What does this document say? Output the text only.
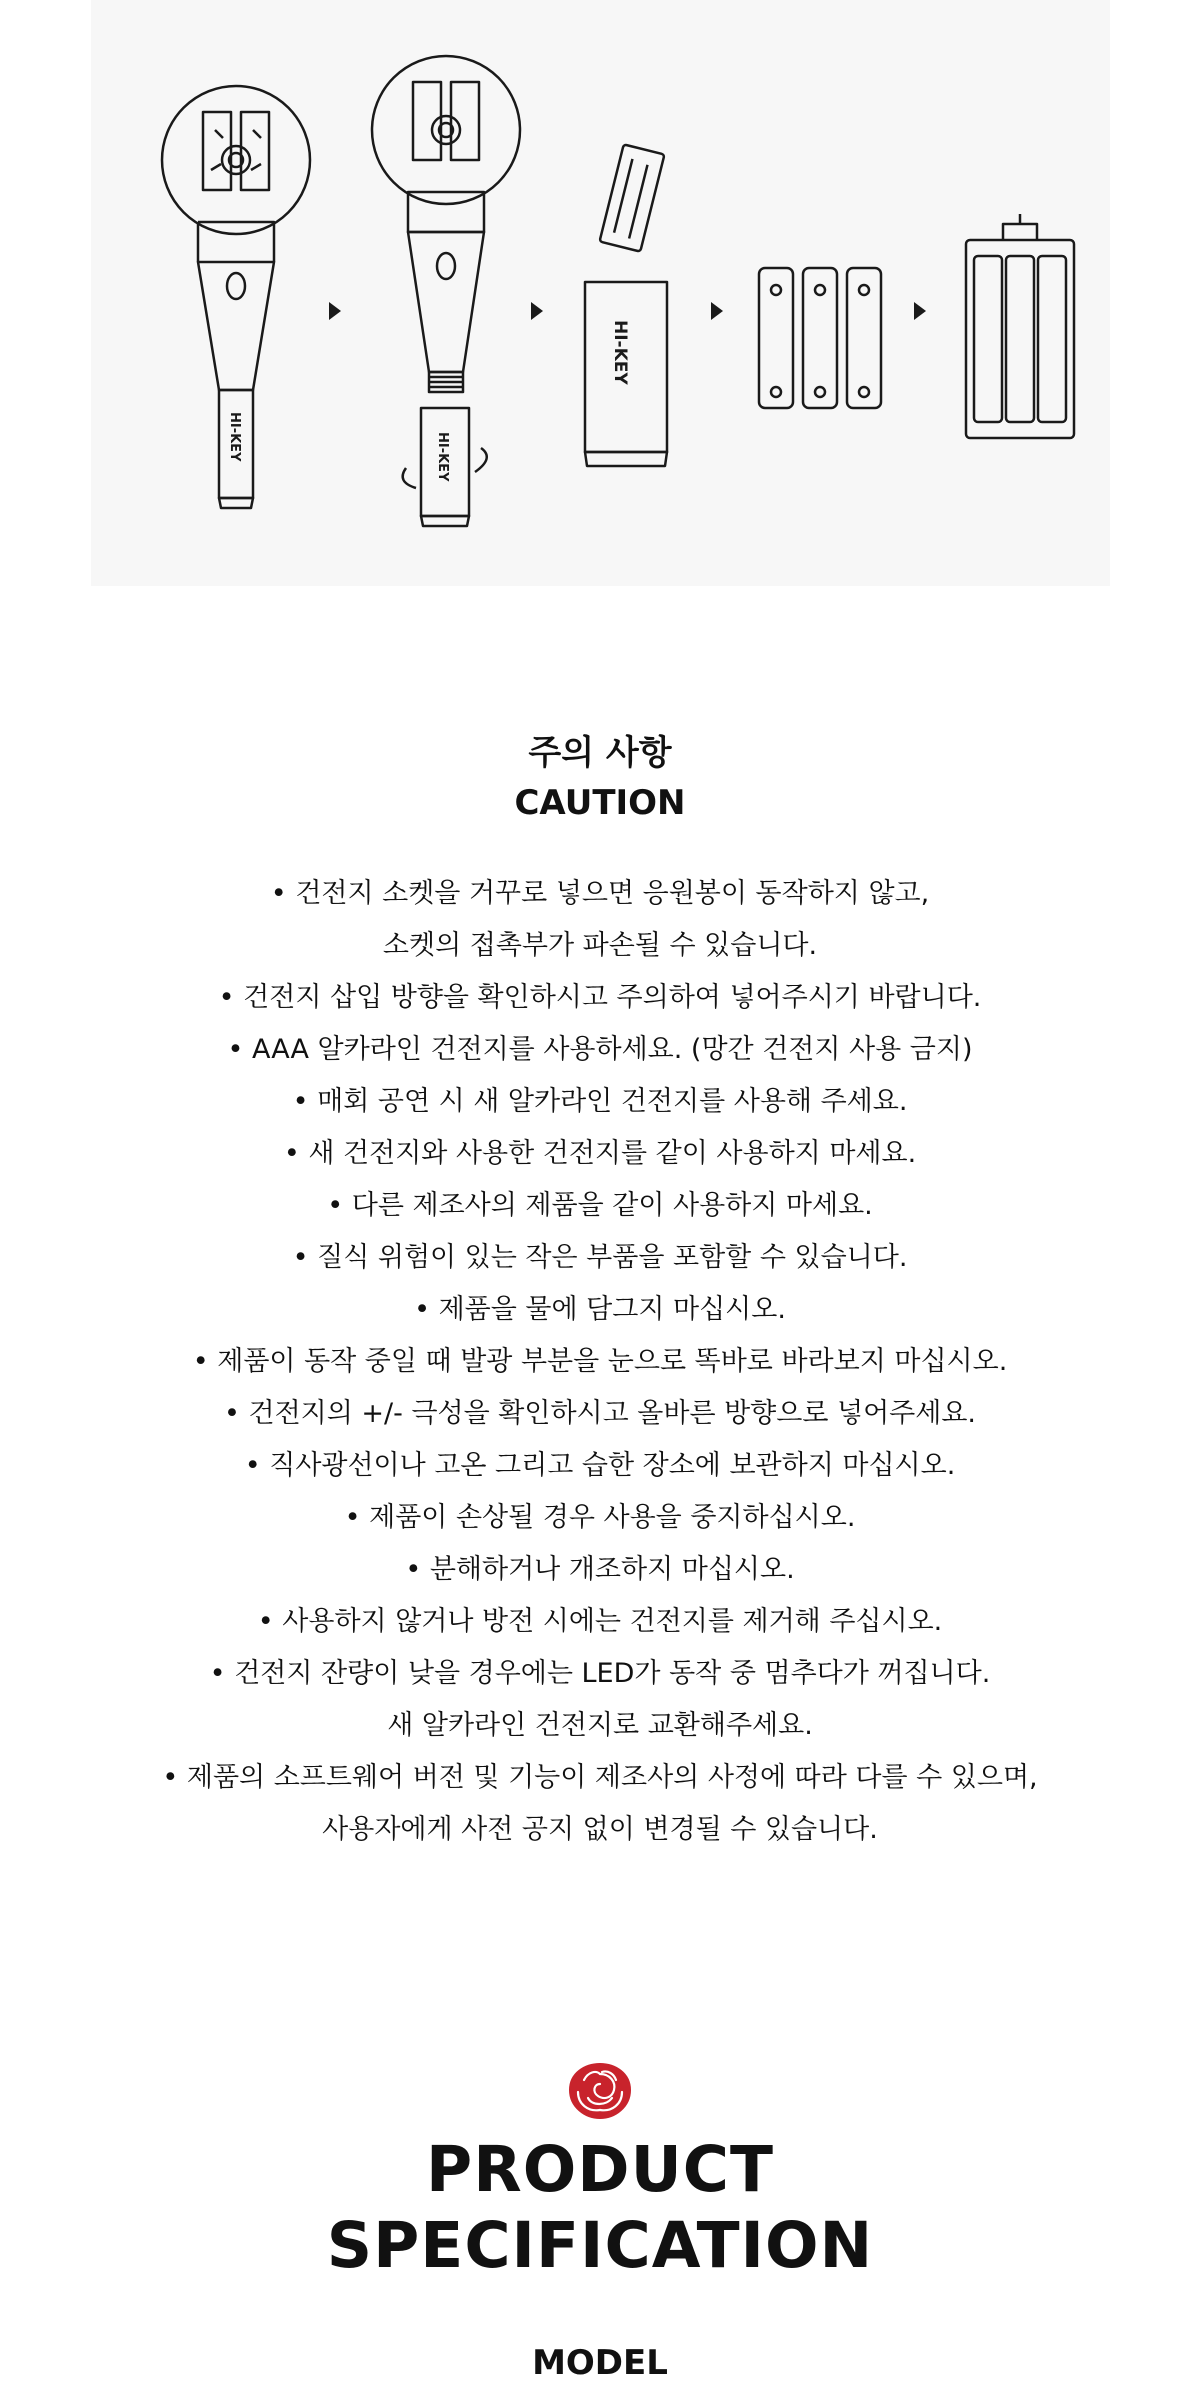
HI-KEY	HI-KEY
HI-KEY
주의 사항
CAUTION
• 건전지 소켓을 거꾸로 넣으면 응원봉이 동작하지 않고,
소켓의 접촉부가 파손될 수 있습니다.
• 건전지 삽입 방향을 확인하시고 주의하여 넣어주시기 바랍니다.
• AAA 알카라인 건전지를 사용하세요. (망간 건전지 사용 금지)
• 매회 공연 시 새 알카라인 건전지를 사용해 주세요.
• 새 건전지와 사용한 건전지를 같이 사용하지 마세요.
• 다른 제조사의 제품을 같이 사용하지 마세요.
• 질식 위험이 있는 작은 부품을 포함할 수 있습니다.
• 제품을 물에 담그지 마십시오.
• 제품이 동작 중일 때 발광 부분을 눈으로 똑바로 바라보지 마십시오.
• 건전지의 +/- 극성을 확인하시고 올바른 방향으로 넣어주세요.
• 직사광선이나 고온 그리고 습한 장소에 보관하지 마십시오.
• 제품이 손상될 경우 사용을 중지하십시오.
• 분해하거나 개조하지 마십시오.
• 사용하지 않거나 방전 시에는 건전지를 제거해 주십시오.
• 건전지 잔량이 낮을 경우에는 LED가 동작 중 멈추다가 꺼집니다.
새 알카라인 건전지로 교환해주세요.
• 제품의 소프트웨어 버전 및 기능이 제조사의 사정에 따라 다를 수 있으며,
사용자에게 사전 공지 없이 변경될 수 있습니다.
PRODUCT
SPECIFICATION
MODEL
